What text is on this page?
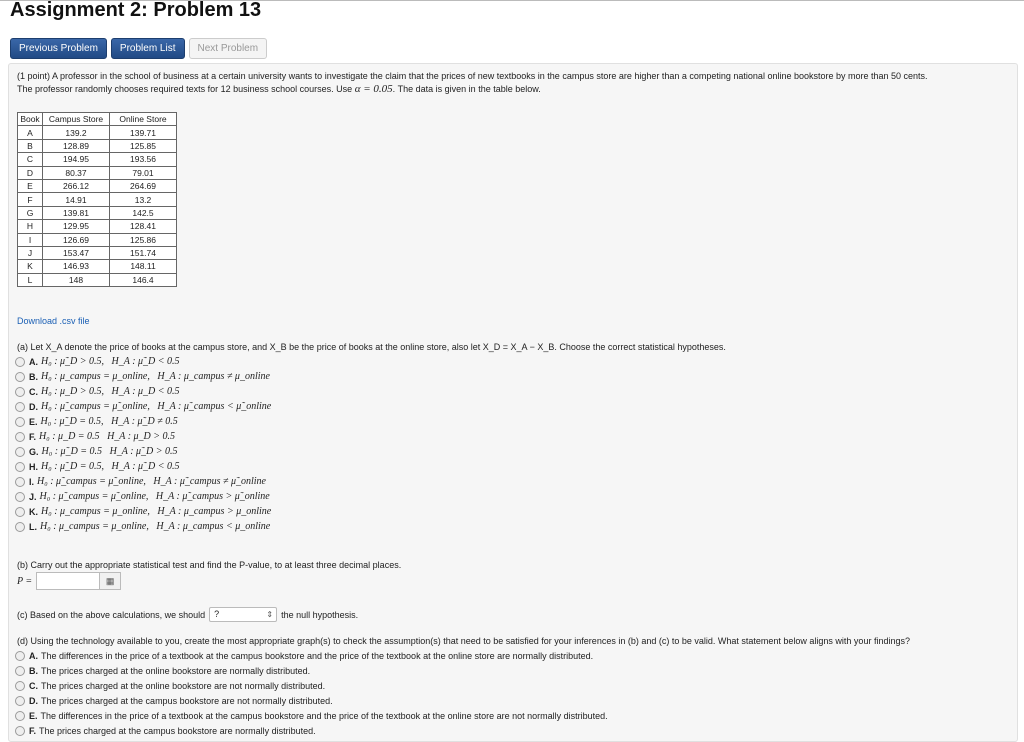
Assignment 2: Problem 13
Previous Problem	Problem List	Next Problem
(1 point) A professor in the school of business at a certain university wants to investigate the claim that the prices of new textbooks in the campus store are higher than a competing national online bookstore by more than 50 cents.
The professor randomly chooses required texts for 12 business school courses. Use α = 0.05. The data is given in the table below.
Book	Campus Store	Online Store
A	139.2	139.71
B	128.89	125.85
C	194.95	193.56
D	80.37	79.01
E	266.12	264.69
F	14.91	13.2
G	139.81	142.5
H	129.95	128.41
I	126.69	125.86
J	153.47	151.74
K	146.93	148.11
L	148	146.4
Download .csv file
(a) Let X_A denote the price of books at the campus store, and X_B be the price of books at the online store, also let X_D = X_A − X_B. Choose the correct statistical hypotheses.
A. H₀ : μ̃_D > 0.5,
H_A : μ̃_D < 0.5
B. H₀ : μ_campus = μ_online,
H_A : μ_campus ≠ μ_online
C. H₀ : μ_D > 0.5,
H_A : μ_D < 0.5
D. H₀ : μ̃_campus = μ̃_online,
H_A : μ̃_campus < μ̃_online
E. H₀ : μ̃_D = 0.5,
H_A : μ̃_D ≠ 0.5
F. H₀ : μ_D = 0.5
H_A : μ_D > 0.5
G. H₀ : μ̃_D = 0.5
H_A : μ̃_D > 0.5
H. H₀ : μ̃_D = 0.5,
H_A : μ̃_D < 0.5
I. H₀ : μ̃_campus = μ̃_online,
H_A : μ̃_campus ≠ μ̃_online
J. H₀ : μ̃_campus = μ̃_online,
H_A : μ̃_campus > μ̃_online
K. H₀ : μ_campus = μ_online,
H_A : μ_campus > μ_online
L. H₀ : μ_campus = μ_online,
H_A : μ_campus < μ_online
(b) Carry out the appropriate statistical test and find the P-value, to at least three decimal places.
P =	▦
(c) Based on the above calculations, we should	?	⇕ the null hypothesis.
(d) Using the technology available to you, create the most appropriate graph(s) to check the assumption(s) that need to be satisfied for your inferences in (b) and (c) to be valid. What statement below aligns with your findings?
A. The differences in the price of a textbook at the campus bookstore and the price of the textbook at the online store are normally distributed.
B. The prices charged at the online bookstore are normally distributed.
C. The prices charged at the online bookstore are not normally distributed.
D. The prices charged at the campus bookstore are not normally distributed.
E. The differences in the price of a textbook at the campus bookstore and the price of the textbook at the online store are not normally distributed.
F. The prices charged at the campus bookstore are normally distributed.
